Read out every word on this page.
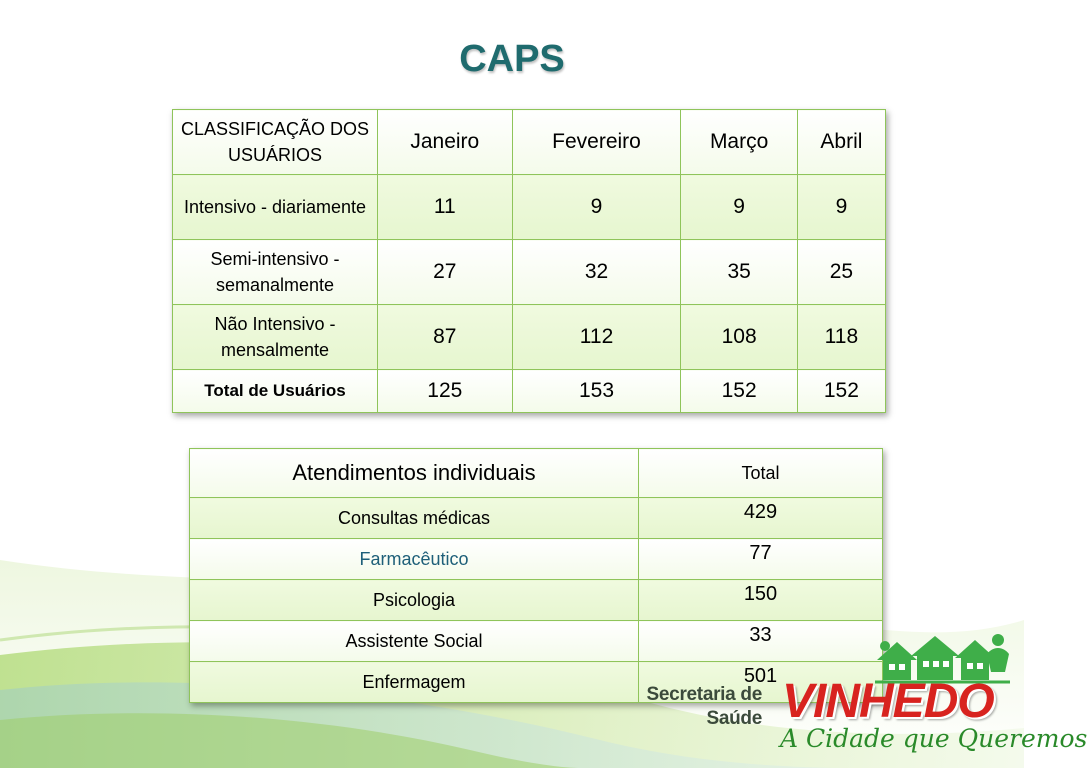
CAPS
CLASSIFICAÇÃO DOS USUÁRIOS	Janeiro	Fevereiro	Março	Abril
Intensivo - diariamente	11	9	9	9
Semi-intensivo - semanalmente	27	32	35	25
Não Intensivo - mensalmente	87	112	108	118
Total de Usuários	125	153	152	152
Atendimentos individuais	Total
Consultas médicas	429
Farmacêutico	77
Psicologia	150
Assistente Social	33
Enfermagem	501
Secretaria de
Saúde VINHEDO
A Cidade que Queremos
